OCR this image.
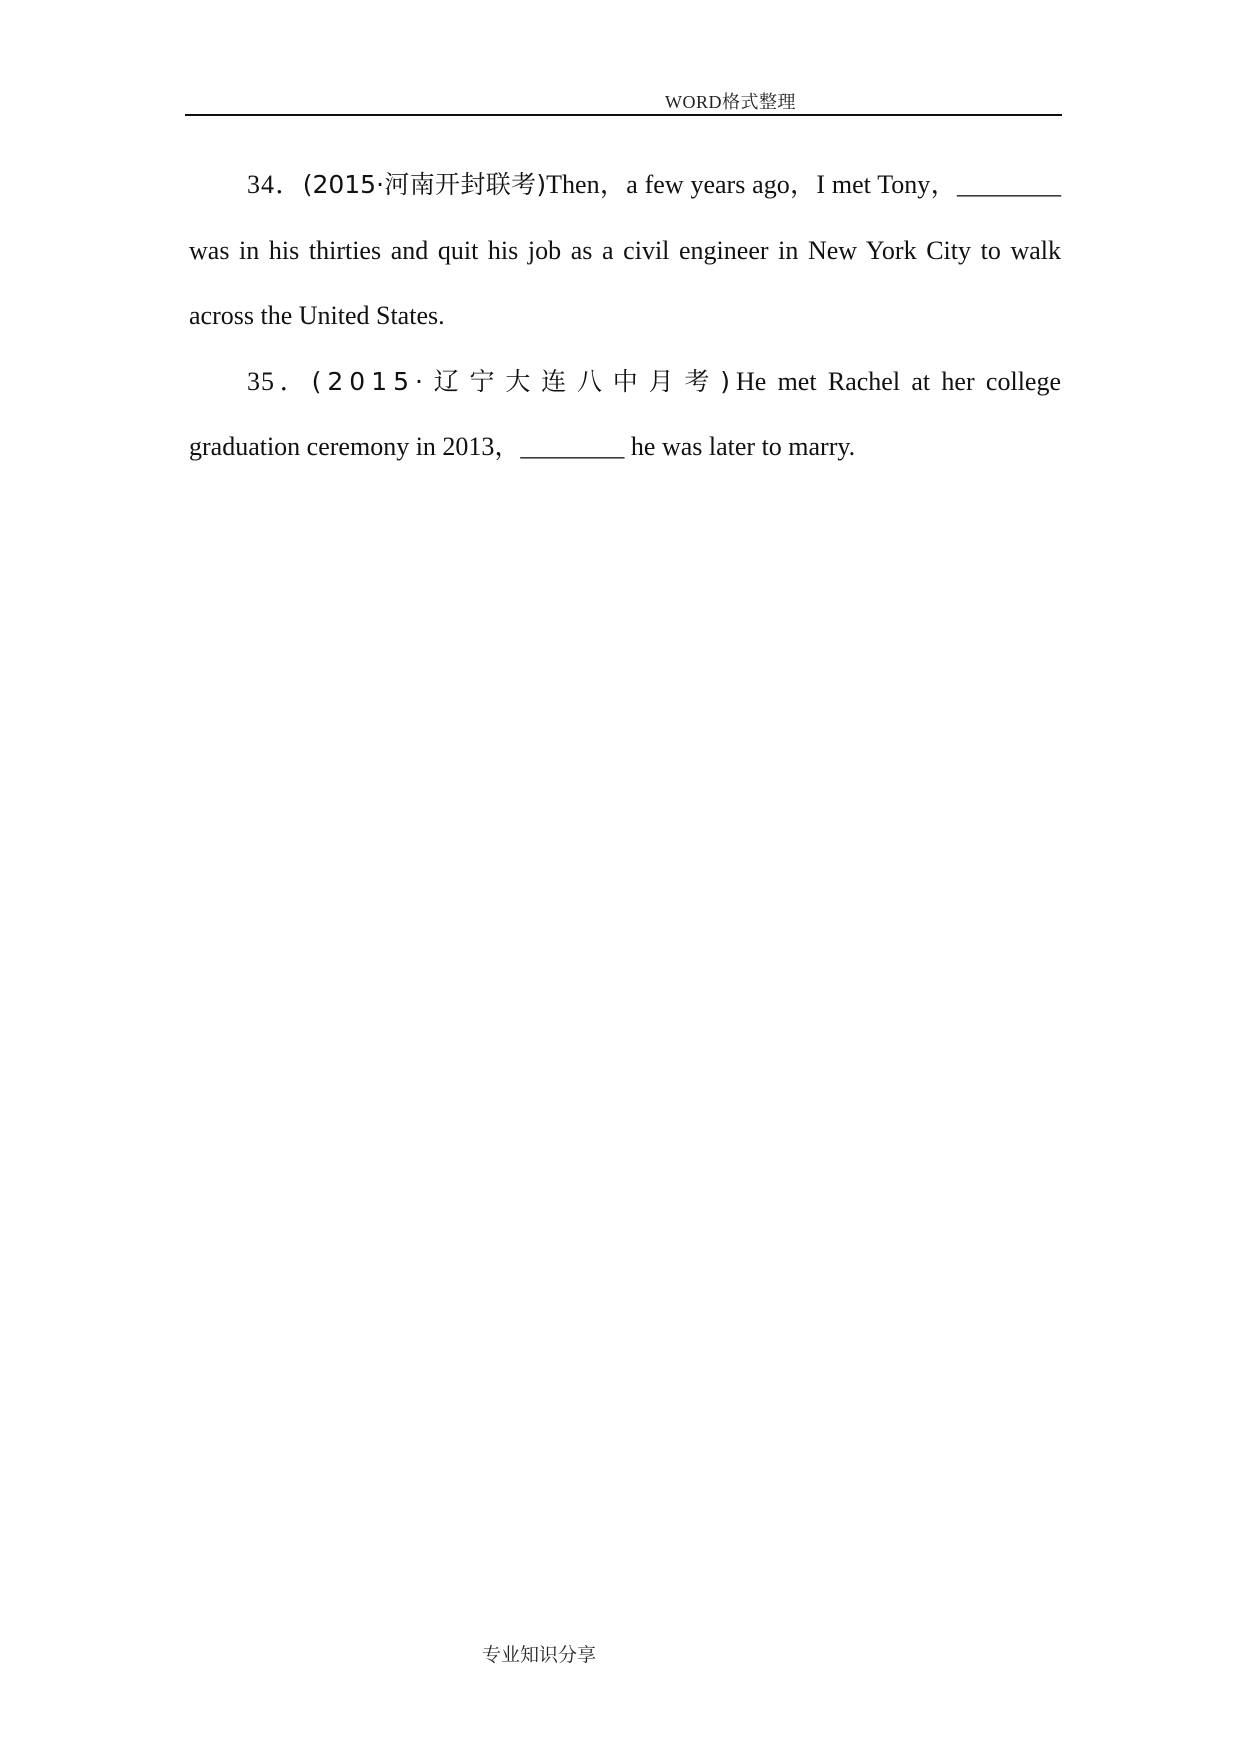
WORD格式整理

34．(2015·河南开封联考)Then，a few years ago，I met Tony，________ was in his thirties and quit his job as a civil engineer in New York City to walk across the United States.

35．(2015·辽宁大连八中月考)He met Rachel at her college graduation ceremony in 2013，________ he was later to marry.

专业知识分享
